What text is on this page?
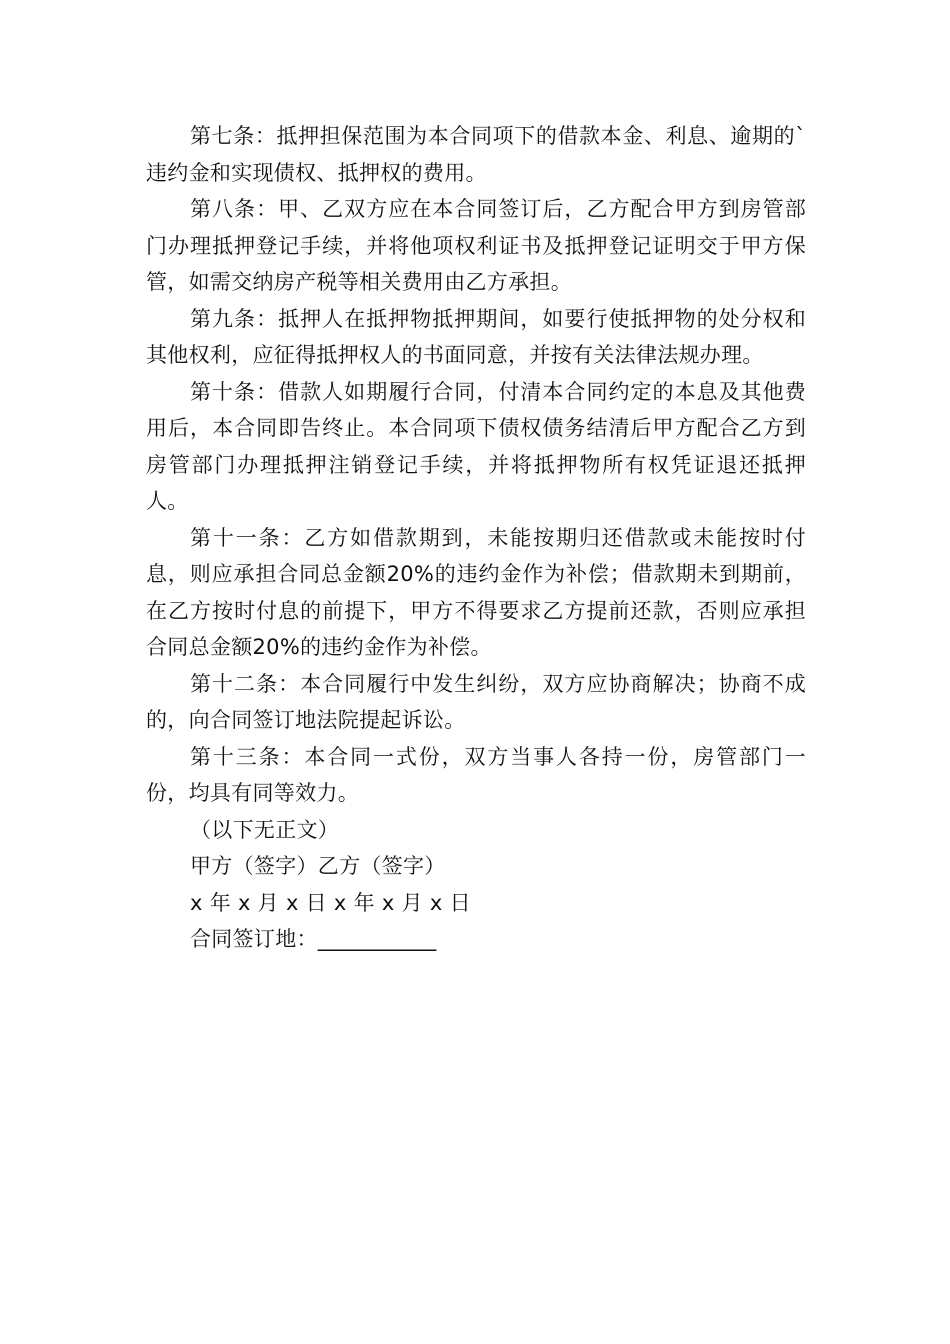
第七条：抵押担保范围为本合同项下的借款本金、利息、逾期的`违约金和实现债权、抵押权的费用。

第八条：甲、乙双方应在本合同签订后，乙方配合甲方到房管部门办理抵押登记手续，并将他项权利证书及抵押登记证明交于甲方保管，如需交纳房产税等相关费用由乙方承担。

第九条：抵押人在抵押物抵押期间，如要行使抵押物的处分权和其他权利，应征得抵押权人的书面同意，并按有关法律法规办理。

第十条：借款人如期履行合同，付清本合同约定的本息及其他费用后，本合同即告终止。本合同项下债权债务结清后甲方配合乙方到房管部门办理抵押注销登记手续，并将抵押物所有权凭证退还抵押人。

第十一条：乙方如借款期到，未能按期归还借款或未能按时付息，则应承担合同总金额20%的违约金作为补偿；借款期未到期前，在乙方按时付息的前提下，甲方不得要求乙方提前还款，否则应承担合同总金额20%的违约金作为补偿。

第十二条：本合同履行中发生纠纷，双方应协商解决；协商不成的，向合同签订地法院提起诉讼。

第十三条：本合同一式份，双方当事人各持一份，房管部门一份，均具有同等效力。

（以下无正文）

甲方（签字）乙方（签字）

x 年 x 月 x 日 x 年 x 月 x 日

合同签订地：___________
